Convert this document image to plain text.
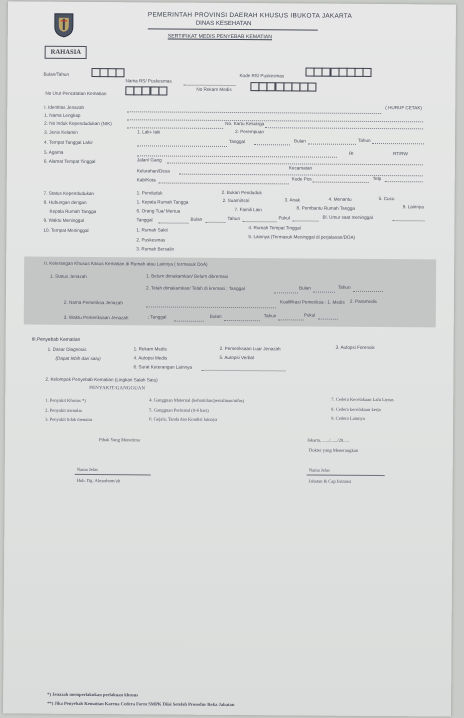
PEMERINTAH PROVINSI DAERAH KHUSUS IBUKOTA JAKARTA
DINAS KESEHATAN
SERTIFIKAT MEDIS PENYEBAB KEMATIAN
RAHASIA
Bulan/Tahun
Nama RS/ Puskesmas
Kode RS/ Puskesmas
No Urut Pencatatan Kematian
No Rekam Medis
I. Identitas Jenazah	( HURUF CETAK)
1. Nama Lengkap
2. No Induk Kependudukan (NIK)	No. Kartu Keluarga
3. Jenis Kelamin	1. Laki- laki	2. Perempuan
4. Tempat Tanggal Lahir	Tanggal	Bulan	Tahun
5. Agama	Rt	RT/RW
6. Alamat Tempat Tinggal	Jalan/ Gang
Kecamatan
Kelurahan/Desa
Kab/Kota	Kode Pos	Telp
7. Status Kependudukan	1. Penduduk	2. Bukan Penduduk
8. Hubungan dengan
Kepala Rumah Tangga
1. Kepala Rumah Tangga	2. Suami/Istri	3. Anak	4. Menantu	5. Cucu
6. Orang Tua/ Mertua	7. Famili Lain	8. Pembantu Rumah Tangga	9. Lainnya
9. Waktu Meninggal	Tanggal	Bulan	Tahun	Pukul	Bl. Umur saat meninggal
10. Tempat Meninggal	1. Rumah Sakit
2. Puskesmas
3. Rumah Bersalin
4. Rumah Tempat Tinggal
5. Lainnya (Termasuk Meninggal di perjalanan/DOA)
II. Keterangan Khusus Kasus Kematian di Rumah atau Lainnya ( termasuk DoA)
1. Status Jenazah	1. Belum dimakamkan/ Belum dikremasi
2. Telah dimakamkan/ Telah di kremasi ; Tanggal	Bulan	Tahun
2. Nama Pemeriksa Jenazah	Kualifikasi Pemeriksa : 1. Medis 2. Paramedis
3. Waktu Pemeriksaan Jenazah	; Tanggal	Bulan	Tahun	Pukul
III.Penyebab Kematian
1. Dasar Diagnosis
(Dapat lebih dari satu)
1. Rekam Medis	2. Pemeriksaan Luar Jenazah	3. Autopsi Forensik
4. Autopsi Medis	5. Autopsi Verbal
6. Surat Keterangan Lainnya
2. Kelompok Penyebab Kematian (Lingkari Salah Satu)
PENYAKIT/GANGGUAN
1. Penyakit Khusus *)
2. Penyakit menular
3. Penyakit tidak menular
4. Gangguan Maternal (kehamilan/persalinan/nifas)
5. Gangguan Perinatal (0-6 hari)
6. Gejala, Tanda dan Kondisi lainnya
7. Cedera Kecelakaan Lalu Lintas
8. Cedera kecelakaan kerja
9. Cedera Lainnya
Pihak Yang Menerima	Jakarta, ....../....../20.....
Dokter yang Menerangkan
Nama Jelas
Hub. Dg. Almarhum/ah
Nama Jelas
Jabatan & Cap Instansi
*) Jenazah memperlakukan perlakuan khusus
**) Jika Penyebab Kematian Karena Cedera Form SMPK Diisi Setelah Prosedur Reka Jabatan
